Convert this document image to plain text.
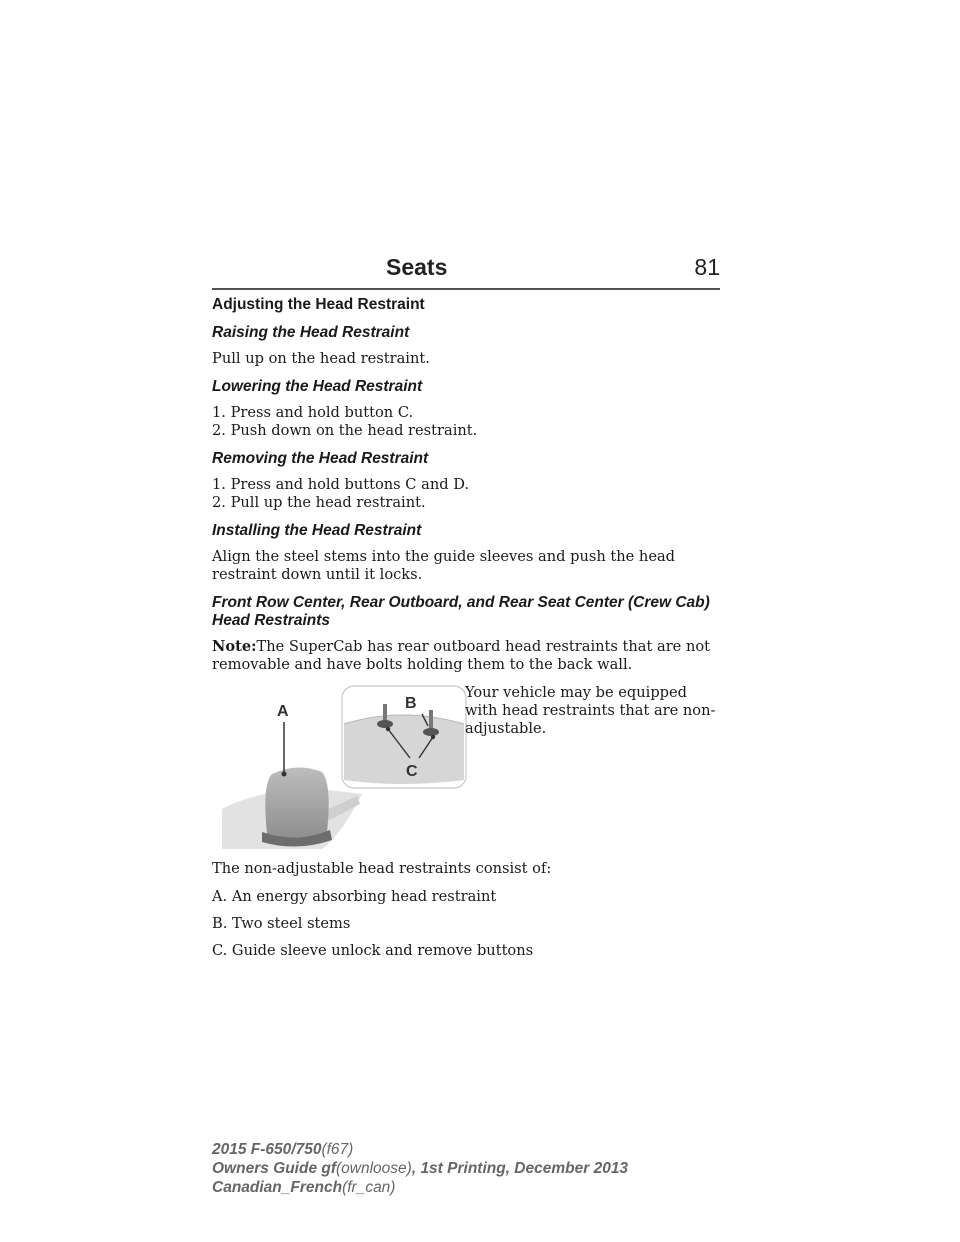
Seats	81
Adjusting the Head Restraint
Raising the Head Restraint

Pull up on the head restraint.

Lowering the Head Restraint
1. Press and hold button C.
2. Push down on the head restraint.
Removing the Head Restraint
1. Press and hold buttons C and D.
2. Pull up the head restraint.
Installing the Head Restraint

Align the steel stems into the guide sleeves and push the head restraint down until it locks.

Front Row Center, Rear Outboard, and Rear Seat Center (Crew Cab) Head Restraints

Note:The SuperCab has rear outboard head restraints that are not removable and have bolts holding them to the back wall.

A	B
C
Your vehicle may be equipped with head restraints that are non-adjustable.

The non-adjustable head restraints consist of:

A. An energy absorbing head restraint

B. Two steel stems

C. Guide sleeve unlock and remove buttons

2015 F-650/750(f67)
Owners Guide gf(ownloose), 1st Printing, December 2013
Canadian_French(fr_can)
